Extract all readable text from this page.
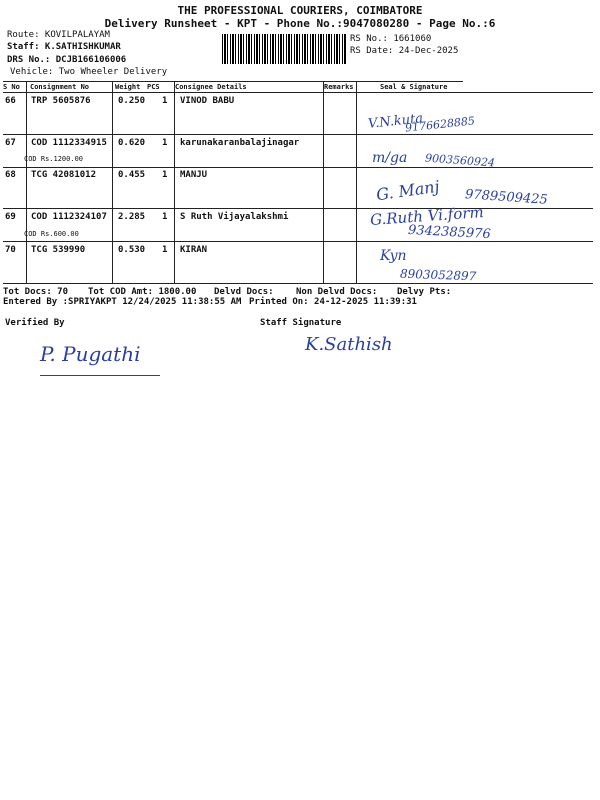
THE PROFESSIONAL COURIERS, COIMBATORE
Delivery Runsheet - KPT - Phone No.:9047080280 - Page No.:6
Route: KOVILPALAYAM
Staff: K.SATHISHKUMAR
DRS No.: DCJB166106006
Vehicle: Two Wheeler Delivery
RS No.: 1661060
RS Date: 24-Dec-2025
S No Consignment No	Weight PCS Consignee Details	Remarks	Seal & Signature
66 TRP 5605876	0.250 1 VINOD BABU
V.N.kuta
9176628885
67 COD 1112334915 0.620 1 karunakaranbalajinagar
COD Rs.1200.00	m/ga 9003560924
68 TCG 42081012 0.455 1 MANJU
G. Manj 9789509425
69 COD 1112324107 2.285 1 S Ruth Vijayalakshmi
COD Rs.600.00
G.Ruth Vi.form
9342385976
70 TCG 539990	0.530 1 KIRAN	Kyn
8903052897
Tot Docs: 70 Tot COD Amt: 1800.00 Delvd Docs: Non Delvd Docs: Delvy Pts:
Entered By :SPRIYAKPT 12/24/2025 11:38:55 AM Printed On: 24-12-2025 11:39:31
Verified By	Staff Signature
P. Pugathi	K.Sathish
